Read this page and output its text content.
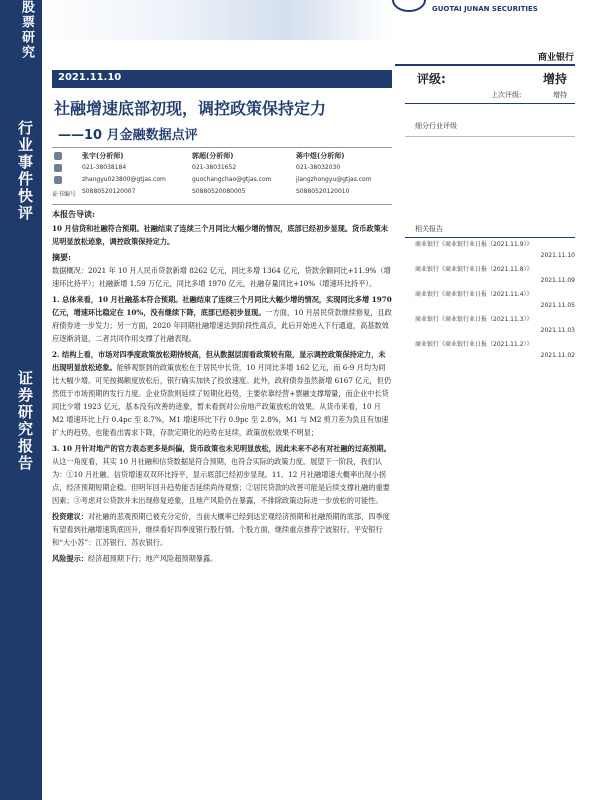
股票研究
行业事件快评
证券研究报告
GUOTAI JUNAN SECURITIES
商业银行
2021.11.10
社融增速底部初现，调控政策保持定力
——10 月金融数据点评
张宇(分析师)
021-38038184
zhangyu023800@gtjas.com
S0880520120007
郭超(分析师)
021-38031652
guochangchao@gtjas.com
S0880520080005
蒋中煜(分析师)
021-38032030
jiangzhongyu@gtjas.com
S0880520120010
证书编号
评级:	增持
上次评级:	增持
细分行业评级
相关报告
商业银行《商业银行业日报（2021.11.9）》
2021.11.10
商业银行《商业银行业日报（2021.11.8）》
2021.11.09
商业银行《商业银行业日报（2021.11.4）》
2021.11.05
商业银行《商业银行业日报（2021.11.3）》
2021.11.03
商业银行《商业银行业日报（2021.11.2）》
2021.11.02
本报告导读:

10 月信贷和社融符合预期。社融结束了连续三个月同比大幅少增的情况，底部已经初步显现。货币政策未见明显放松迹象，调控政策保持定力。

摘要:

数据概况：2021 年 10 月人民币贷款新增 8262 亿元，同比多增 1364 亿元，贷款余额同比+11.9%（增速环比持平）；社融新增 1.59 万亿元，同比多增 1970 亿元，社融存量同比+10%（增速环比持平）。

1. 总体来看，10 月社融基本符合预期。社融结束了连续三个月同比大幅少增的情况，实现同比多增 1970 亿元，增速环比稳定在 10%，没有继续下降，底部已经初步显现。一方面，10 月居民贷款继续修复，且政府债券进一步发力；另一方面，2020 年同期社融增速达到阶段性高点，此后开始进入下行通道，高基数效应逐渐消退，二者共同作用支撑了社融表现。

2. 结构上看，市场对四季度政策放松期待较高，但从数据层面看政策较有限，显示调控政策保持定力，未出现明显放松迹象。能够观察到的政策放松在于居民中长贷，10 月同比多增 162 亿元，而 6-9 月均为同比大幅少增。可见按揭额度放松后，银行确实加快了投放速度。此外，政府债券虽然新增 6167 亿元，但仍然低于市场预期的发行力度。企业贷款则延续了短期化趋势，主要依靠经营+票融支撑增量，而企业中长贷同比少增 1923 亿元，基本没有改善的迹象，暂未看到对公房地产政策放松的效果。从货币来看，10 月 M2 增速环比上行 0.4pc 至 8.7%，M1 增速环比下行 0.9pc 至 2.8%，M1 与 M2 剪刀差为负且有加速扩大的趋势，也能看出需求下降，存款定期化的趋势在延续，政策放松效果不明显；

3. 10 月针对地产的官方表态更多是纠偏，货币政策也未见明显放松，因此未来不必有对社融的过高预期。从这一角度看，其实 10 月社融和信贷数据是符合预期，也符合实际的政策力度。展望下一阶段，我们认为：①10 月社融、信贷增速双双环比持平，显示底部已经初步显现。11、12 月社融增速大概率出现小拐点，经济预期短期企稳。但明年回升趋势能否延续尚待观察；②居民贷款的改善可能是后续支撑社融的重要因素；③考虑对公贷款并未出现修复迹象，且地产风险仍在暴露，不排除政策边际进一步放松的可能性。

投资建议：对社融的悲观预期已被充分定价，当前大概率已经到达宏观经济预期和社融预期的底部，四季度有望看到社融增速筑底回升，继续看好四季度银行股行情。个股方面，继续重点推荐宁波银行、平安银行和“大小苏”：江苏银行、苏农银行。

风险提示：经济超预期下行；地产风险超预期暴露。
